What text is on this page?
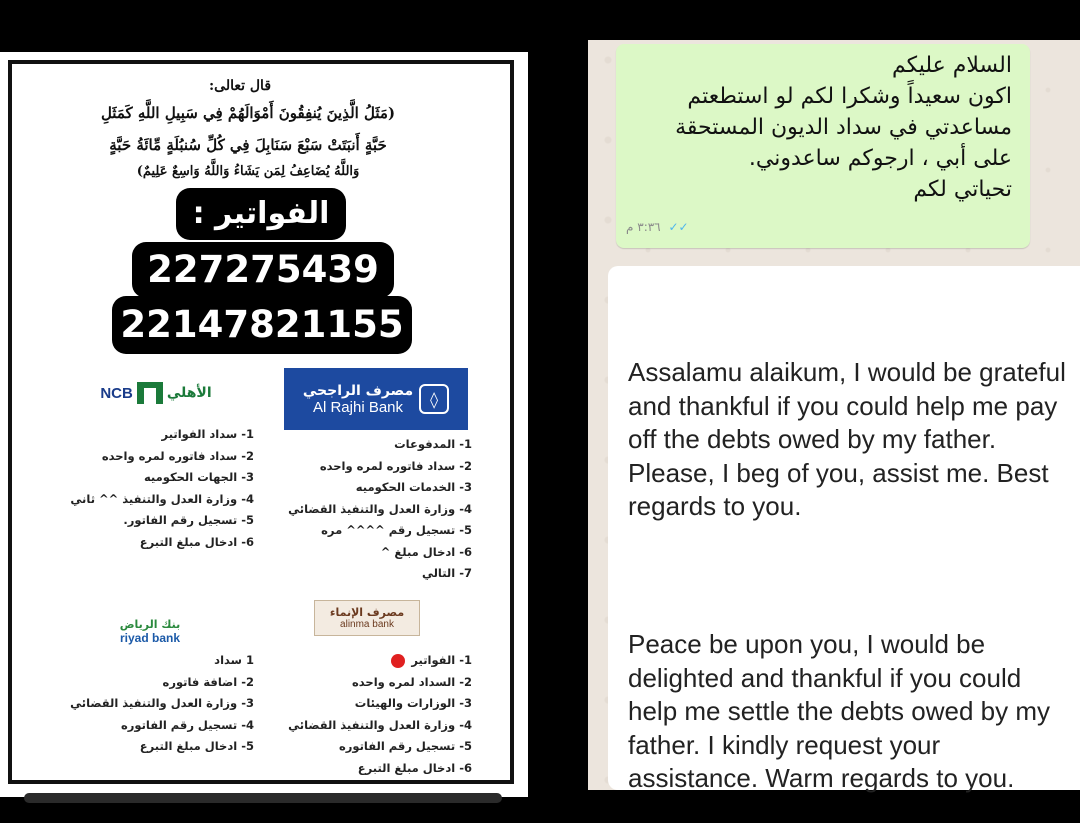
قال تعالى:
(مَثَلُ الَّذِينَ يُنفِقُونَ أَمْوَالَهُمْ فِي سَبِيلِ اللَّهِ كَمَثَلِ
حَبَّةٍ أَنبَتَتْ سَبْعَ سَنَابِلَ فِي كُلِّ سُنبُلَةٍ مِّائَةُ حَبَّةٍ
وَاللَّهُ يُضَاعِفُ لِمَن يَشَاءُ وَاللَّهُ وَاسِعٌ عَلِيمٌ)
الفواتير :
227275439
22147821155
NCB الأهلي	مصرف الراجحي
Al Rajhi Bank	◊
1- سداد الفواتير
2- سداد فاتوره لمره واحده
3- الجهات الحكوميه
4- وزارة العدل والتنفيذ ^^ ثاني
5- تسجيل رقم الفاتور.
6- ادخال مبلغ التبرع
1- المدفوعات
2- سداد فاتوره لمره واحده
3- الخدمات الحكوميه
4- وزارة العدل والتنفيذ القضائي
5- تسجيل رقم ^^^^ مره
6- ادخال مبلغ ^
7- التالي
بنك الرياض
riyad bank
مصرف الإنماء
alinma bank
1 سداد
2- اضافة فاتوره
3- وزارة العدل والتنفيذ القضائي
4- تسجيل رقم الفاتوره
5- ادخال مبلغ التبرع
1- الفواتير
2- السداد لمره واحده
3- الوزارات والهيئات
4- وزارة العدل والتنفيذ القضائي
5- تسجيل رقم الفاتوره
6- ادخال مبلغ التبرع
السلام عليكم
اكون سعيداً وشكرا لكم لو استطعتم
مساعدتي في سداد الديون المستحقة
على أبي ، ارجوكم ساعدوني.
تحياتي لكم
✓✓ ٣:٣٦ م
Assalamu alaikum, I would be grateful and thankful if you could help me pay off the debts owed by my father. Please, I beg of you, assist me. Best regards to you.
Peace be upon you, I would be delighted and thankful if you could help me settle the debts owed by my father. I kindly request your assistance. Warm regards to you.
